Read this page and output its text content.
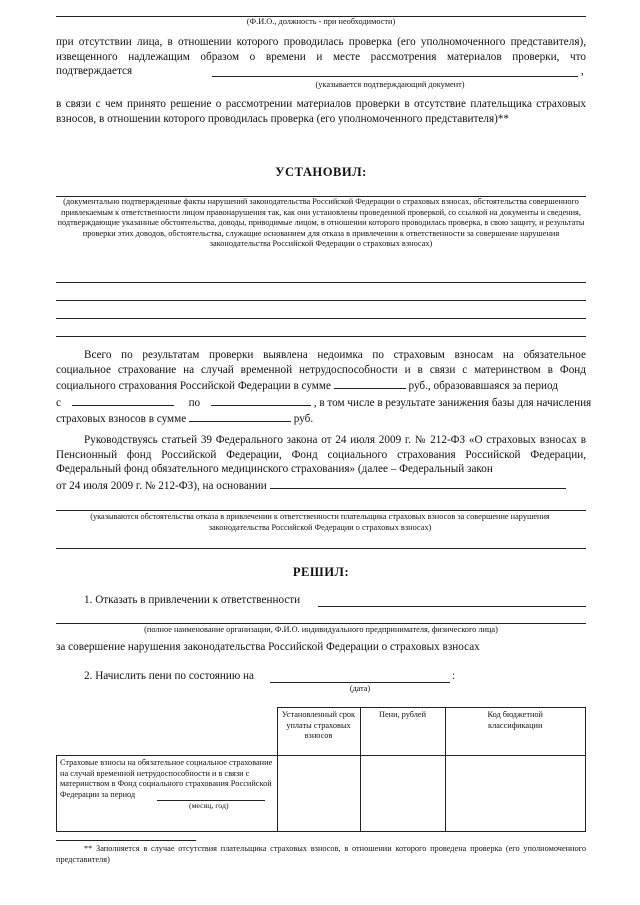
(Ф.И.О., должность - при необходимости)
при отсутствии лица, в отношении которого проводилась проверка (его уполномоченного представителя), извещенного надлежащим образом о времени и месте рассмотрения материалов проверки, что подтверждается	,
(указывается подтверждающий документ)
в связи с чем принято решение о рассмотрении материалов проверки в отсутствие плательщика страховых взносов, в отношении которого проводилась проверка (его уполномоченного представителя)**
УСТАНОВИЛ:
(документально подтвержденные факты нарушений законодательства Российской Федерации о страховых взносах, обстоятельства совершенного привлекаемым к ответственности лицом правонарушения так, как они установлены проведенной проверкой, со ссылкой на документы и сведения, подтверждающие указанные обстоятельства, доводы, приводимые лицом, в отношении которого проводилась проверка, в свою защиту, и результаты проверки этих доводов, обстоятельства, служащие основанием для отказа в привлечении к ответственности за совершение нарушения законодательства Российской Федерации о страховых взносах)
Всего по результатам проверки выявлена недоимка по страховым взносам на обязательное
социальное страхование на случай временной нетрудоспособности и в связи с материнством в Фонд
социального страхования Российской Федерации в сумме	руб., образовавшаяся за период
с	по	, в том числе в результате занижения базы для начисления
страховых взносов в сумме	руб.
Руководствуясь статьей 39 Федерального закона от 24 июля 2009 г. № 212-ФЗ «О страховых взносах в Пенсионный фонд Российской Федерации, Фонд социального страхования Российской Федерации, Федеральный фонд обязательного медицинского страхования» (далее – Федеральный закон
от 24 июля 2009 г. № 212-ФЗ), на основании
(указываются обстоятельства отказа в привлечении к ответственности плательщика страховых взносов за совершение нарушения законодательства Российской Федерации о страховых взносах)
РЕШИЛ:
1. Отказать в привлечении к ответственности
(полное наименование организации, Ф.И.О. индивидуального предпринимателя, физического лица)
за совершение нарушения законодательства Российской Федерации о страховых взносах
2. Начислить пени по состоянию на	:
(дата)

	Установленный срок уплаты страховых взносов	Пени, рублей	Код бюджетной классификации

Страховые взносы на обязательное социальное страхование на случай временной нетрудоспособности и в связи с материнством в Фонд социального страхования Российской Федерации за период
(месяц, год)			

** Заполняется в случае отсутствия плательщика страховых взносов, в отношении которого проведена проверка (его уполномоченного представителя)
